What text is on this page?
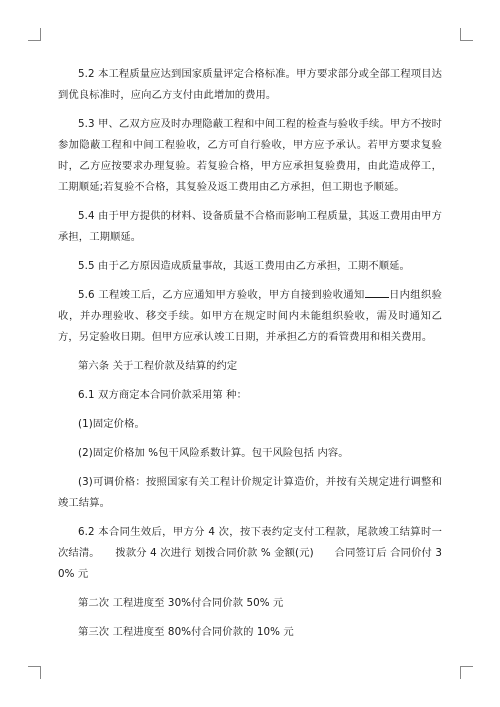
5.2 本工程质量应达到国家质量评定合格标准。甲方要求部分或全部工程项目达到优良标准时，应向乙方支付由此增加的费用。

5.3 甲、乙双方应及时办理隐蔽工程和中间工程的检查与验收手续。甲方不按时参加隐蔽工程和中间工程验收，乙方可自行验收，甲方应予承认。若甲方要求复验时，乙方应按要求办理复验。若复验合格，甲方应承担复验费用，由此造成停工，工期顺延;若复验不合格，其复验及返工费用由乙方承担，但工期也予顺延。

5.4 由于甲方提供的材料、设备质量不合格而影响工程质量，其返工费用由甲方承担，工期顺延。

5.5 由于乙方原因造成质量事故，其返工费用由乙方承担，工期不顺延。

5.6 工程竣工后，乙方应通知甲方验收，甲方自接到验收通知 日内组织验收，并办理验收、移交手续。如甲方在规定时间内未能组织验收，需及时通知乙方，另定验收日期。但甲方应承认竣工日期，并承担乙方的看管费用和相关费用。

第六条 关于工程价款及结算的约定

6.1 双方商定本合同价款采用第 种：

(1)固定价格。

(2)固定价格加 %包干风险系数计算。包干风险包括 内容。

(3)可调价格：按照国家有关工程计价规定计算造价，并按有关规定进行调整和竣工结算。

6.2 本合同生效后，甲方分 4 次，按下表约定支付工程款，尾款竣工结算时一次结清。　　拨款分 4 次进行 划拨合同价款 % 金额(元)　　合同签订后 合同价付 30% 元

第二次 工程进度至 30%付合同价款 50% 元

第三次 工程进度至 80%付合同价款的 10% 元
